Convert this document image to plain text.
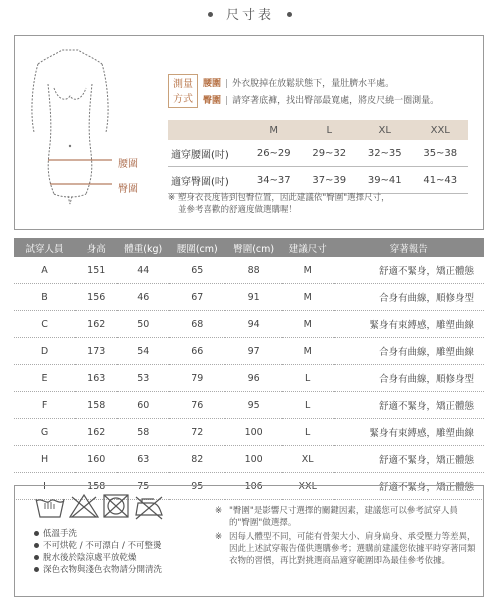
尺寸表
腰圍
臀圍
測量
方式
腰圍 | 外衣脫掉在放鬆狀態下，量肚臍水平處。
臀圍 | 請穿著底褲，找出臀部最寬處，將皮尺繞一圈測量。
	M	L	XL	XXL
適穿腰圍(吋)	26~29	29~32	32~35	35~38
適穿臀圍(吋)	34~37	37~39	39~41	41~43
※ 塑身衣長度皆到包臀位置，因此建議依"臀圍"選擇尺寸，
並參考喜歡的舒適度做選購喔！
試穿人員	身高	體重(kg)	腰圍(cm)	臀圍(cm)	建議尺寸	穿著報告
A	151	44	65	88	M	舒適不緊身，矯正體態
B	156	46	67	91	M	合身有曲線，順修身型
C	162	50	68	94	M	緊身有束縛感，雕塑曲線
D	173	54	66	97	M	合身有曲線，雕塑曲線
E	163	53	79	96	L	合身有曲線，順修身型
F	158	60	76	95	L	舒適不緊身，矯正體態
G	162	58	72	100	L	緊身有束縛感，雕塑曲線
H	160	63	82	100	XL	舒適不緊身，矯正體態
I	158	75	95	106	XXL	舒適不緊身，矯正體態
低溫手洗
不可烘乾 / 不可漂白 / 不可整燙
脫水後於陰涼處平放乾燥
深色衣物與淺色衣物請分開清洗
※ "臀圍"是影響尺寸選擇的關鍵因素，建議您可以參考試穿人員的"臀圍"做選擇。
※ 因每人體型不同，可能有骨架大小、肩身扁身、承受壓力等差異，因此上述試穿報告僅供選購參考；選購前建議您依據平時穿著同類衣物的習慣，再比對挑選商品適穿範圍即為最佳參考依據。
